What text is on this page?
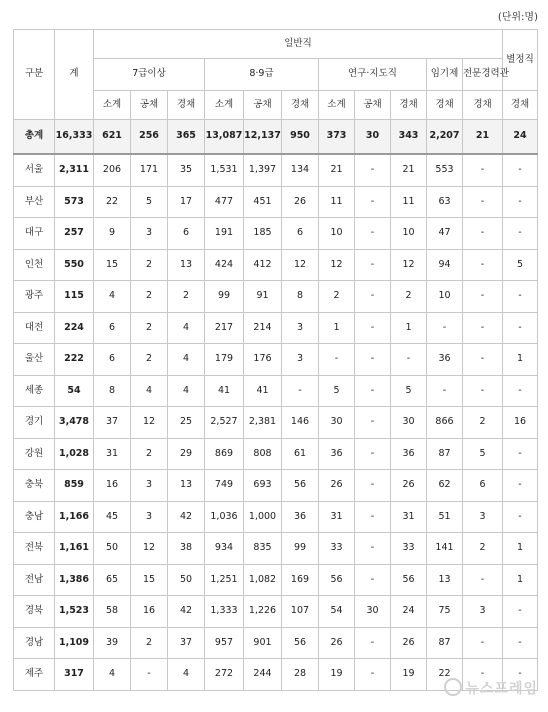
(단위:명)
구분	계	일반직											별정직
		7급이상			8·9급			연구·지도직			임기제	전문경력관	
		소계	공채	경채	소계	공채	경채	소계	공채	경채	경채	경채	경채
총계	16,333	621	256	365	13,087	12,137	950	373	30	343	2,207	21	24
서울	2,311	206	171	35	1,531	1,397	134	21	-	21	553	-	-
부산	573	22	5	17	477	451	26	11	-	11	63	-	-
대구	257	9	3	6	191	185	6	10	-	10	47	-	-
인천	550	15	2	13	424	412	12	12	-	12	94	-	5
광주	115	4	2	2	99	91	8	2	-	2	10	-	-
대전	224	6	2	4	217	214	3	1	-	1	-	-	-
울산	222	6	2	4	179	176	3	-	-	-	36	-	1
세종	54	8	4	4	41	41	-	5	-	5	-	-	-
경기	3,478	37	12	25	2,527	2,381	146	30	-	30	866	2	16
강원	1,028	31	2	29	869	808	61	36	-	36	87	5	-
충북	859	16	3	13	749	693	56	26	-	26	62	6	-
충남	1,166	45	3	42	1,036	1,000	36	31	-	31	51	3	-
전북	1,161	50	12	38	934	835	99	33	-	33	141	2	1
전남	1,386	65	15	50	1,251	1,082	169	56	-	56	13	-	1
경북	1,523	58	16	42	1,333	1,226	107	54	30	24	75	3	-
경남	1,109	39	2	37	957	901	56	26	-	26	87	-	-
제주	317	4	-	4	272	244	28	19	-	19	22	-	-
뉴스프레임
